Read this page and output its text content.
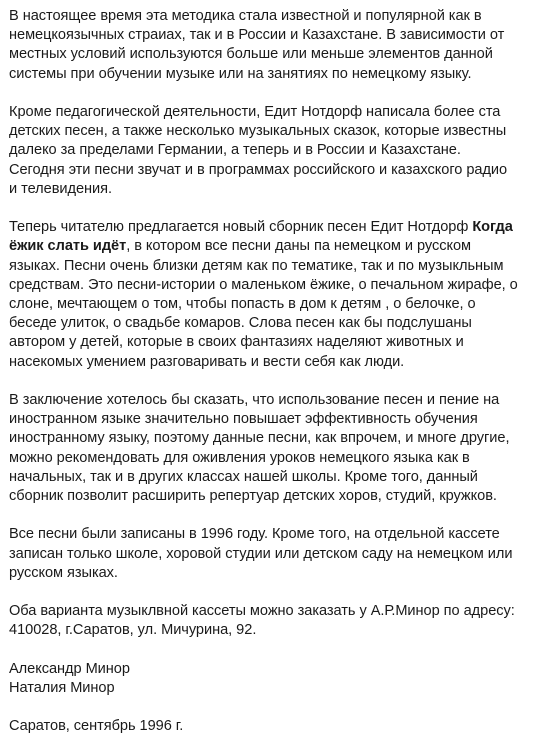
В настоящее время эта методика стала известной и популярной как в
немецкоязычных страиах, так и в России и Казахстане. В зависимости от
местных условий используются больше или меньше элементов данной
системы при обучении музыке или на занятиях по немецкому языку.

Кроме педагогической деятельности, Едит Нотдорф написала более ста
детских песен, а также несколько музыкальных сказок, которые известны
далеко за пределами Германии, а теперь и в России и Казахстане.
Сегодня эти песни звучат и в программах российского и казахского радио
и телевидения.

Теперь читателю предлагается новый сборник песен Едит Нотдорф Когда
ёжик слать идёт, в котором все песни даны па немецком и русском
языках. Песни очень близки детям как по тематике, так и по музыкльным
средствам. Это песни-истории о маленьком ёжике, о печальном жирафе, о
слоне, мечтающем о том, чтобы попасть в дом к детям , о белочке, о
беседе улиток, о свадьбе комаров. Слова песен как бы подслушаны
автором у детей, которые в своих фантазиях наделяют животных и
насекомых умением разговаривать и вести себя как люди.

В заключение хотелось бы сказать, что использование песен и пение на
иностранном языке значительно повышает эффективность обучения
иностранному языку, поэтому данные песни, как впрочем, и многе другие,
можно рекомендовать для оживления уроков немецкого языка как в
начальных, так и в других классах нашей школы. Кроме того, данный
сборник позволит расширить репертуар детских хоров, студий, кружков.

Все песни были записаны в 1996 году. Кроме того, на отдельной кассете
записан только школе, хоровой студии или детском саду на немецком или
русском языках.

Оба варианта музыклвной кассеты можно заказать у А.Р.Минор по адресу:
410028, г.Саратов, ул. Мичурина, 92.

Александр Минор
Наталия Минор

Саратов, сентябрь 1996 г.
